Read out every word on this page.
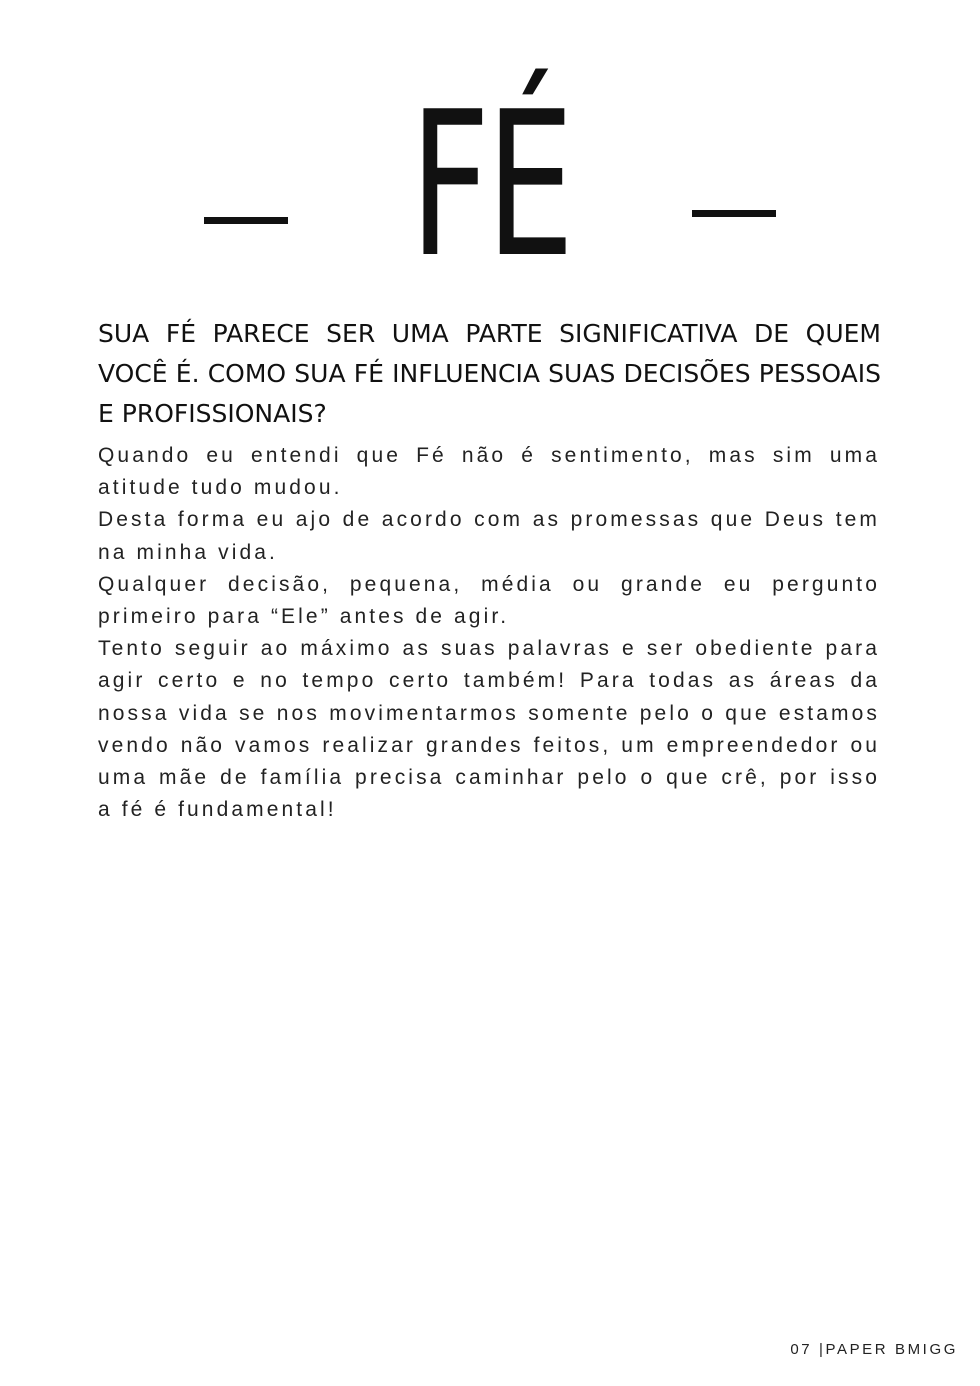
FÉ
SUA FÉ PARECE SER UMA PARTE SIGNIFICATIVA DE QUEM VOCÊ É. COMO SUA FÉ INFLUENCIA SUAS DECISÕES PESSOAIS E PROFISSIONAIS?

Quando eu entendi que Fé não é sentimento, mas sim uma atitude tudo mudou.

Desta forma eu ajo de acordo com as promessas que Deus tem na minha vida.

Qualquer decisão, pequena, média ou grande eu pergunto primeiro para “Ele” antes de agir.

Tento seguir ao máximo as suas palavras e ser obediente para agir certo e no tempo certo também! Para todas as áreas da nossa vida se nos movimentarmos somente pelo o que estamos vendo não vamos realizar grandes feitos, um empreendedor ou uma mãe de família precisa caminhar pelo o que crê, por isso a fé é fundamental!

07 |PAPER BMIGG
